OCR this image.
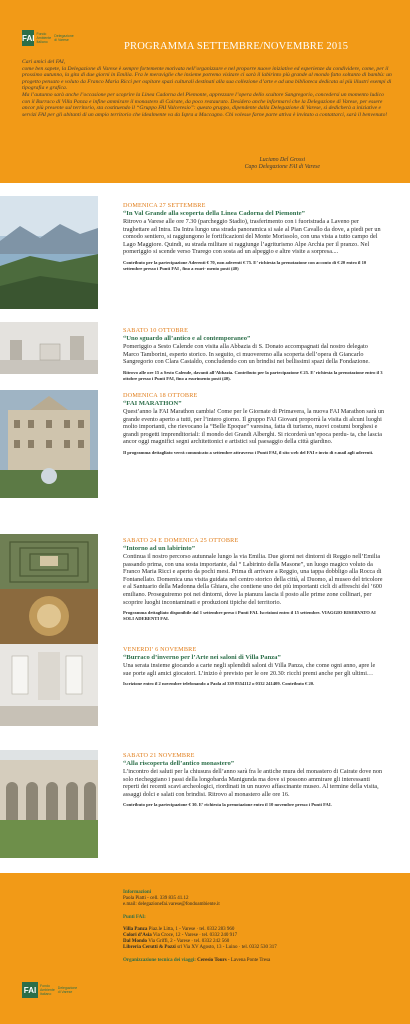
FAI Fondo
Ambiente
Italiano
Delegazione
di Varese
PROGRAMMA SETTEMBRE/NOVEMBRE 2015

Cari amici del FAI,

come ben sapete, la Delegazione di Varese è sempre fortemente motivata nell’organizzare e nel proporre nuove iniziative ed esperienze da condividere, come, per il prossimo autunno, la gita di due giorni in Emilia. Fra le meraviglie che insieme potremo visitare ci sarà il labirinto più grande al mondo fatto soltanto di bambù: un progetto pensato e voluto da Franco Maria Ricci per ospitare spazi culturali destinati alla sua collezione d’arte e ad una biblioteca dedicata ai più illustri esempi di tipografia e grafica.

Ma l’autunno sarà anche l’occasione per scoprire la Linea Cadorna del Piemonte, apprezzare l’opera dello scultore Sangregorio, concedersi un momento ludico con il Burraco di Villa Panza e infine ammirare il monastero di Cairate, da poco restaurato. Desidero anche informarvi che la Delegazione di Varese, per essere ancor più presente sul territorio, sta costituendo il “Gruppo FAI Valceresio”: questo gruppo, dipendente dalla Delegazione di Varese, si dedicherà a iniziative e servizi FAI per gli abitanti di un ampio territorio che idealmente va da Ispra a Maccagno. Chi volesse farne parte attiva è invitato a contattarci, sarà il benvenuto!

Luciano Del Grossi
Capo Delegazione FAI di Varese
DOMENICA 27 SETTEMBRE
“In Val Grande alla scoperta della Linea Cadorna del Piemonte”
Ritrovo a Varese alle ore 7.30 (parcheggio Stadio), trasferimento con i fuoristrada a Laveno per traghettare ad Intra. Da Intra lungo una strada panoramica si sale al Pian Cavallo da dove, a piedi per un comodo sentiero, si raggiungono le fortificazioni del Monte Morissolo, con una vista a tutto campo del Lago Maggiore. Quindi, su strada militare si raggiunge l’agriturismo Alpe Archia per il pranzo. Nel pomeriggio si scende verso Trarego con sosta ad un alpeggio e altre visite a sorpresa....
Contributo per la partecipazione Aderenti € 70, non aderenti € 75. E’ richiesta la prenotazione con acconto di € 20 entro il 10 settembre presso i Punti FAI , fino a esuri- mento posti (40)
SABATO 10 OTTOBRE
“Uno sguardo all’antico e al contemporaneo”
Pomeriggio a Sesto Calende con visita alla Abbazia di S. Donato accompagnati dal nostro delegato Marco Tamborini, esperto storico. In seguito, ci muoveremo alla scoperta dell’opera di Giancarlo Sangregorio con Clara Castaldo, concludendo con un brindisi nei bellissimi spazi della Fondazione.
Ritrovo alle ore 15 a Sesto Calende, davanti all’Abbazia. Contributo per la partecipazione € 25. E’ richiesta la prenotazione entro il 3 ottobre presso i Punti FAI, fino a esurimento posti (40).
DOMENICA 18 OTTOBRE
“FAI MARATHON”
Quest’anno la FAI Marathon cambia! Come per le Giornate di Primavera, la nuova FAI Marathon sarà un grande evento aperto a tutti, per l’intero giorno. Il gruppo FAI Giovani proporrà la visita di alcuni luoghi molto importanti, che rievocano la “Belle Epoque” varesina, fatta di turismo, nuovi costumi borghesi e grandi progetti imprenditoriali: il mondo dei Grandi Alberghi. Si ricorderà un’epoca perdu- ta, che lascia ancor oggi magnifici segni architettonici e artistici sul paesaggio della città giardino.
Il programma dettagliato verrà comunicato a settembre attraverso i Punti FAI, il sito web del FAI e invio di e.mail agli aderenti.
SABATO 24 E DOMENICA 25 OTTOBRE
“Intorno ad un labirinto”
Continua il nostro percorso autunnale lungo la via Emilia. Due giorni nei dintorni di Reggio nell’Emilia passando prima, con una sosta importante, dal “ Labirinto della Masone”, un luogo magico voluto da Franco Maria Ricci e aperto da pochi mesi. Prima di arrivare a Reggio, una tappa dobbligo alla Rocca di Fontanellato. Domenica una visita guidata nel centro storico della città, al Duomo, al museo del tricolore e al Santuario della Madonna della Ghiara, che contiene uno dei più importanti cicli di affreschi del ’600 emiliano. Proseguiremo poi nei dintorni, dove la pianura lascia il posto alle prime zone collinari, per scoprire luoghi incontaminati e produzioni tipiche del territorio.
Programma dettagliato disponibile dal 1 settembre preso i Punti FAI. Iscrizioni entro il 15 settembre. VIAGGIO RISERVATO AI SOLI ADERENTI FAI.
VENERDI’ 6 NOVEMBRE
“Burraco d’inverno per l’Arte nei saloni di Villa Panza”
Una serata insieme giocando a carte negli splendidi saloni di Villa Panza, che come ogni anno, apre le sue porte agli amici giocatori. L’inizio è previsto per le ore 20.30: ricchi premi anche per gli ultimi…
Iscrizione entro il 2 novembre telefonando a Paola al 339 8354112 o 0332 241409. Contributo € 20.
SABATO 21 NOVEMBRE
“Alla riscoperta dell’antico monastero”
L’incontro dei saluti per la chiusura dell’anno sarà fra le antiche mura del monastero di Cairate dove non solo riecheggiano i passi della longobarda Manigunda ma dove si possono ammirare gli interessanti reperti dei recenti scavi archeologici, riordinati in un nuovo affascinante museo. Al termine della visita, assaggi dolci e salati con brindisi. Ritrovo al monastero alle ore 16.
Contributo per la partecipazione € 30. E’ richiesta la prenotazione entro il 10 novembre presso i Punti FAI.
FAI	Fondo
Ambiente
Italiano
Delegazione
di Varese
Informazioni
Paola Piatti - cell. 339 835 41.12
e.mail: delegazionefai.varese@fondoambiente.it
Punti FAI:
Villa Panza Piaz.le Litta, 1 - Varese · tel. 0332 283 960
Colori d’Asia Via Croce, 12 - Varese · tel. 0332 240 917
Dal Mondo Via Griffi, 2 - Varese · tel. 0332 242 560
Libreria Cerutti & Pozzi srl Via XV Agosto, 13 - Luino · tel. 0332 530 317
Organizzazione tecnica dei viaggi: Ceresio Tours - Lavena Ponte Tresa
